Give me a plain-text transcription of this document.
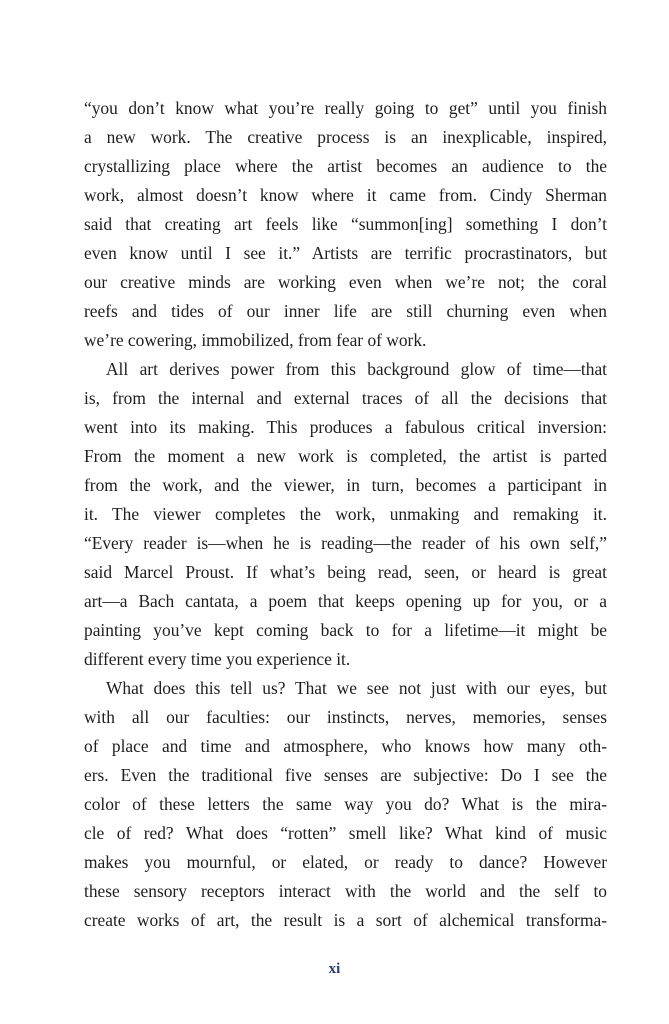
“you don’t know what you’re really going to get” until you finish
a new work. The creative process is an inexplicable, inspired,
crystallizing place where the artist becomes an audience to the
work, almost doesn’t know where it came from. Cindy Sherman
said that creating art feels like “summon[ing] something I don’t
even know until I see it.” Artists are terrific procrastinators, but
our creative minds are working even when we’re not; the coral
reefs and tides of our inner life are still churning even when
we’re cowering, immobilized, from fear of work.
All art derives power from this background glow of time—that
is, from the internal and external traces of all the decisions that
went into its making. This produces a fabulous critical inversion:
From the moment a new work is completed, the artist is parted
from the work, and the viewer, in turn, becomes a participant in
it. The viewer completes the work, unmaking and remaking it.
“Every reader is—when he is reading—the reader of his own self,”
said Marcel Proust. If what’s being read, seen, or heard is great
art—a Bach cantata, a poem that keeps opening up for you, or a
painting you’ve kept coming back to for a lifetime—it might be
different every time you experience it.
What does this tell us? That we see not just with our eyes, but
with all our faculties: our instincts, nerves, memories, senses
of place and time and atmosphere, who knows how many oth-
ers. Even the traditional five senses are subjective: Do I see the
color of these letters the same way you do? What is the mira-
cle of red? What does “rotten” smell like? What kind of music
makes you mournful, or elated, or ready to dance? However
these sensory receptors interact with the world and the self to
create works of art, the result is a sort of alchemical transforma-
xi
